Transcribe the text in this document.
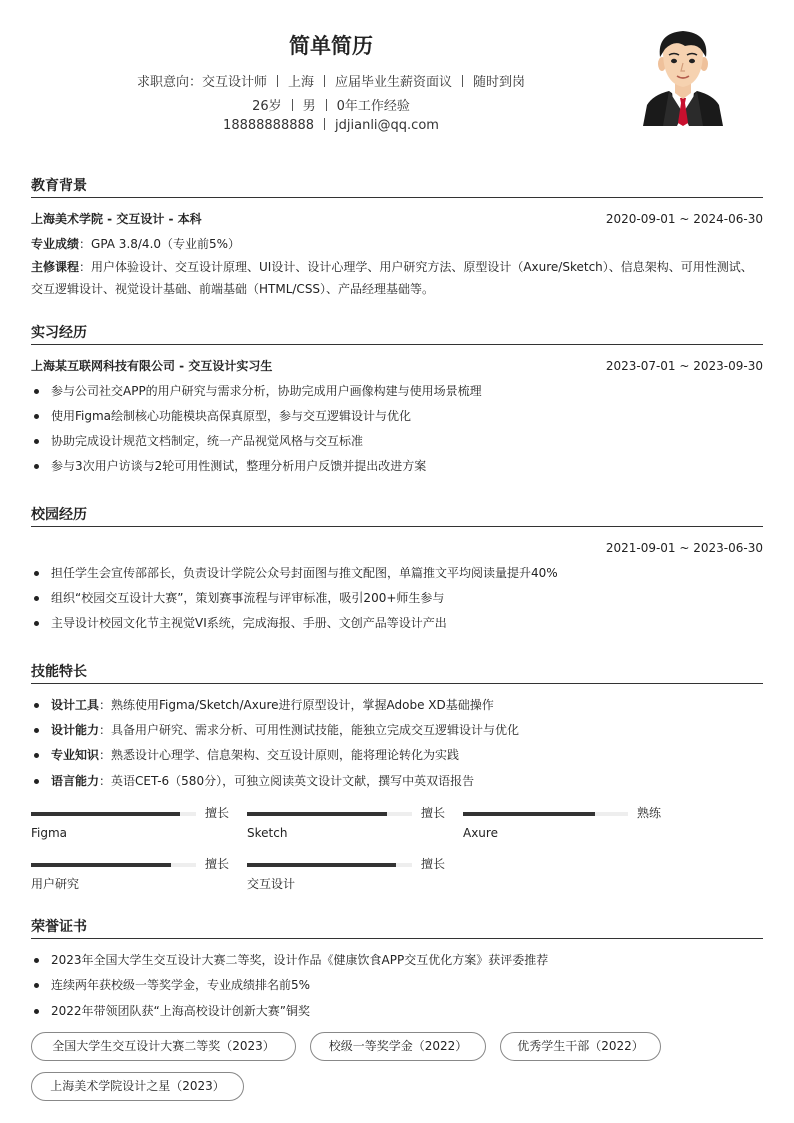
简单简历
求职意向：交互设计师 上海 应届毕业生薪资面议 随时到岗
26岁 男 0年工作经验
18888888888 jdjianli@qq.com
教育背景
上海美术学院 - 交互设计 - 本科	2020-09-01 ~ 2024-06-30
专业成绩：GPA 3.8/4.0（专业前5%）
主修课程：用户体验设计、交互设计原理、UI设计、设计心理学、用户研究方法、原型设计（Axure/Sketch）、信息架构、可用性测试、交互逻辑设计、视觉设计基础、前端基础（HTML/CSS）、产品经理基础等。
实习经历
上海某互联网科技有限公司 - 交互设计实习生	2023-07-01 ~ 2023-09-30
参与公司社交APP的用户研究与需求分析，协助完成用户画像构建与使用场景梳理
使用Figma绘制核心功能模块高保真原型，参与交互逻辑设计与优化
协助完成设计规范文档制定，统一产品视觉风格与交互标准
参与3次用户访谈与2轮可用性测试，整理分析用户反馈并提出改进方案
校园经历
2021-09-01 ~ 2023-06-30
担任学生会宣传部部长，负责设计学院公众号封面图与推文配图，单篇推文平均阅读量提升40%
组织“校园交互设计大赛”，策划赛事流程与评审标准，吸引200+师生参与
主导设计校园文化节主视觉VI系统，完成海报、手册、文创产品等设计产出
技能特长
设计工具：熟练使用Figma/Sketch/Axure进行原型设计，掌握Adobe XD基础操作
设计能力：具备用户研究、需求分析、可用性测试技能，能独立完成交互逻辑设计与优化
专业知识：熟悉设计心理学、信息架构、交互设计原则，能将理论转化为实践
语言能力：英语CET-6（580分），可独立阅读英文设计文献，撰写中英双语报告
擅长
Figma
擅长
Sketch
熟练
Axure
擅长
用户研究
擅长
交互设计
荣誉证书
2023年全国大学生交互设计大赛二等奖，设计作品《健康饮食APP交互优化方案》获评委推荐
连续两年获校级一等奖学金，专业成绩排名前5%
2022年带领团队获“上海高校设计创新大赛”铜奖
全国大学生交互设计大赛二等奖（2023）	校级一等奖学金（2022）	优秀学生干部（2022）
上海美术学院设计之星（2023）
